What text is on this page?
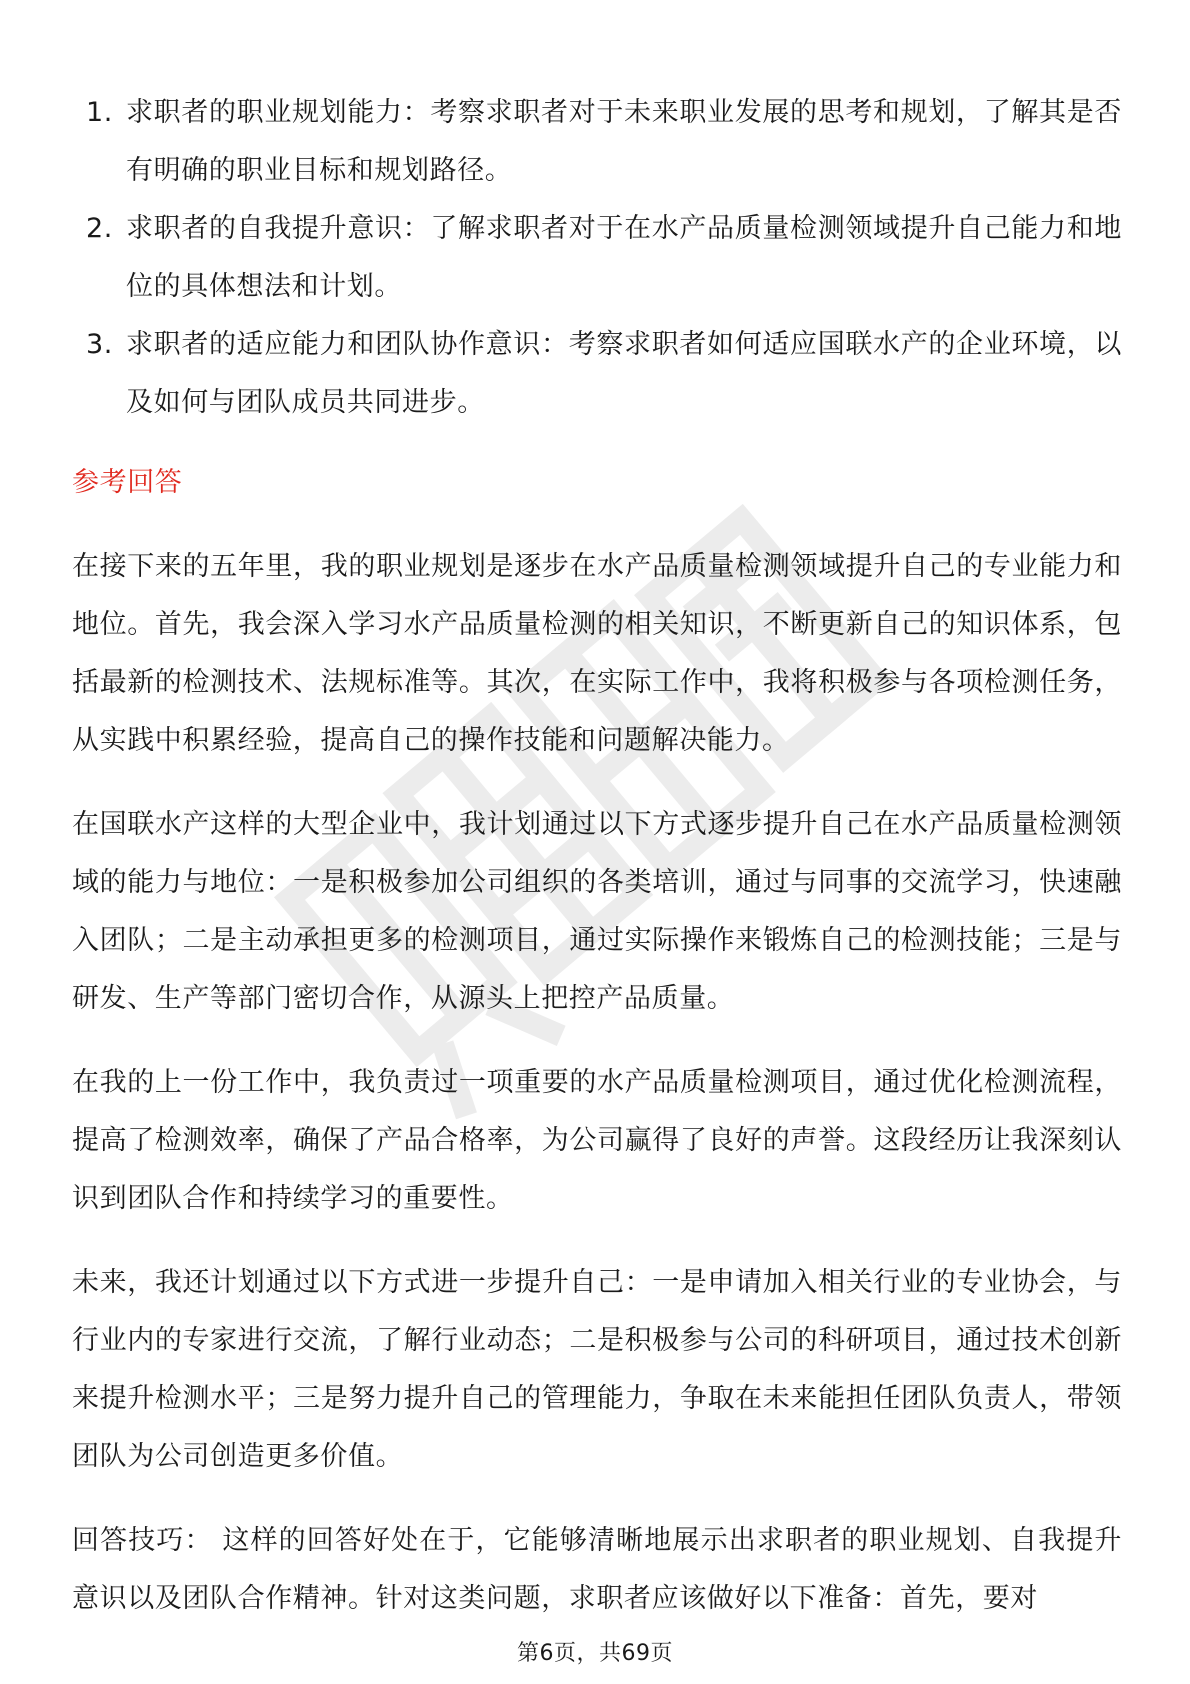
1. 求职者的职业规划能力：考察求职者对于未来职业发展的思考和规划，了解其是否有明确的职业目标和规划路径。
2. 求职者的自我提升意识：了解求职者对于在水产品质量检测领域提升自己能力和地位的具体想法和计划。
3. 求职者的适应能力和团队协作意识：考察求职者如何适应国联水产的企业环境，以及如何与团队成员共同进步。
参考回答

在接下来的五年里，我的职业规划是逐步在水产品质量检测领域提升自己的专业能力和地位。首先，我会深入学习水产品质量检测的相关知识，不断更新自己的知识体系，包括最新的检测技术、法规标准等。其次，在实际工作中，我将积极参与各项检测任务，从实践中积累经验，提高自己的操作技能和问题解决能力。

在国联水产这样的大型企业中，我计划通过以下方式逐步提升自己在水产品质量检测领域的能力与地位：一是积极参加公司组织的各类培训，通过与同事的交流学习，快速融入团队；二是主动承担更多的检测项目，通过实际操作来锻炼自己的检测技能；三是与研发、生产等部门密切合作，从源头上把控产品质量。

在我的上一份工作中，我负责过一项重要的水产品质量检测项目，通过优化检测流程，提高了检测效率，确保了产品合格率，为公司赢得了良好的声誉。这段经历让我深刻认识到团队合作和持续学习的重要性。

未来，我还计划通过以下方式进一步提升自己：一是申请加入相关行业的专业协会，与行业内的专家进行交流，了解行业动态；二是积极参与公司的科研项目，通过技术创新来提升检测水平；三是努力提升自己的管理能力，争取在未来能担任团队负责人，带领团队为公司创造更多价值。

回答技巧： 这样的回答好处在于，它能够清晰地展示出求职者的职业规划、自我提升意识以及团队合作精神。针对这类问题，求职者应该做好以下准备：首先，要对

第6页，共69页
